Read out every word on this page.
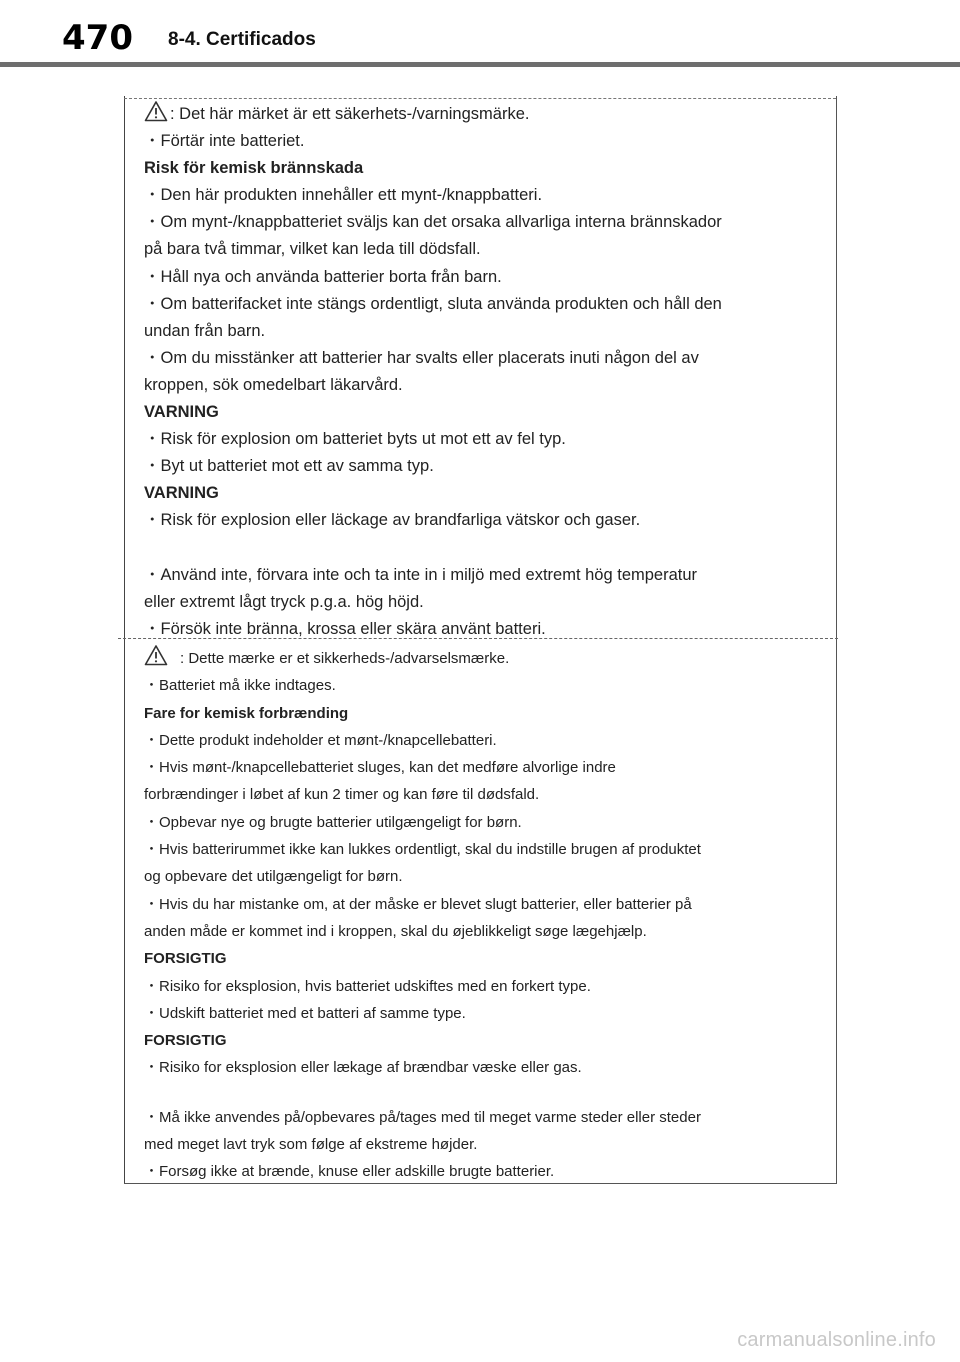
470 8-4. Certificados

: Det här märket är ett säkerhets-/varningsmärke.

・Förtär inte batteriet.

Risk för kemisk brännskada

・Den här produkten innehåller ett mynt-/knappbatteri.

・Om mynt-/knappbatteriet sväljs kan det orsaka allvarliga interna brännskador

på bara två timmar, vilket kan leda till dödsfall.

・Håll nya och använda batterier borta från barn.

・Om batterifacket inte stängs ordentligt, sluta använda produkten och håll den

undan från barn.

・Om du misstänker att batterier har svalts eller placerats inuti någon del av

kroppen, sök omedelbart läkarvård.

VARNING

・Risk för explosion om batteriet byts ut mot ett av fel typ.

・Byt ut batteriet mot ett av samma typ.

VARNING

・Risk för explosion eller läckage av brandfarliga vätskor och gaser.

・Använd inte, förvara inte och ta inte in i miljö med extremt hög temperatur

eller extremt lågt tryck p.g.a. hög höjd.

・Försök inte bränna, krossa eller skära använt batteri.

: Dette mærke er et sikkerheds-/advarselsmærke.

・Batteriet må ikke indtages.

Fare for kemisk forbrænding

・Dette produkt indeholder et mønt-/knapcellebatteri.

・Hvis mønt-/knapcellebatteriet sluges, kan det medføre alvorlige indre

forbrændinger i løbet af kun 2 timer og kan føre til dødsfald.

・Opbevar nye og brugte batterier utilgængeligt for børn.

・Hvis batterirummet ikke kan lukkes ordentligt, skal du indstille brugen af produktet

og opbevare det utilgængeligt for børn.

・Hvis du har mistanke om, at der måske er blevet slugt batterier, eller batterier på

anden måde er kommet ind i kroppen, skal du øjeblikkeligt søge lægehjælp.

FORSIGTIG

・Risiko for eksplosion, hvis batteriet udskiftes med en forkert type.

・Udskift batteriet med et batteri af samme type.

FORSIGTIG

・Risiko for eksplosion eller lækage af brændbar væske eller gas.

・Må ikke anvendes på/opbevares på/tages med til meget varme steder eller steder

med meget lavt tryk som følge af ekstreme højder.

・Forsøg ikke at brænde, knuse eller adskille brugte batterier.

carmanualsonline.info
